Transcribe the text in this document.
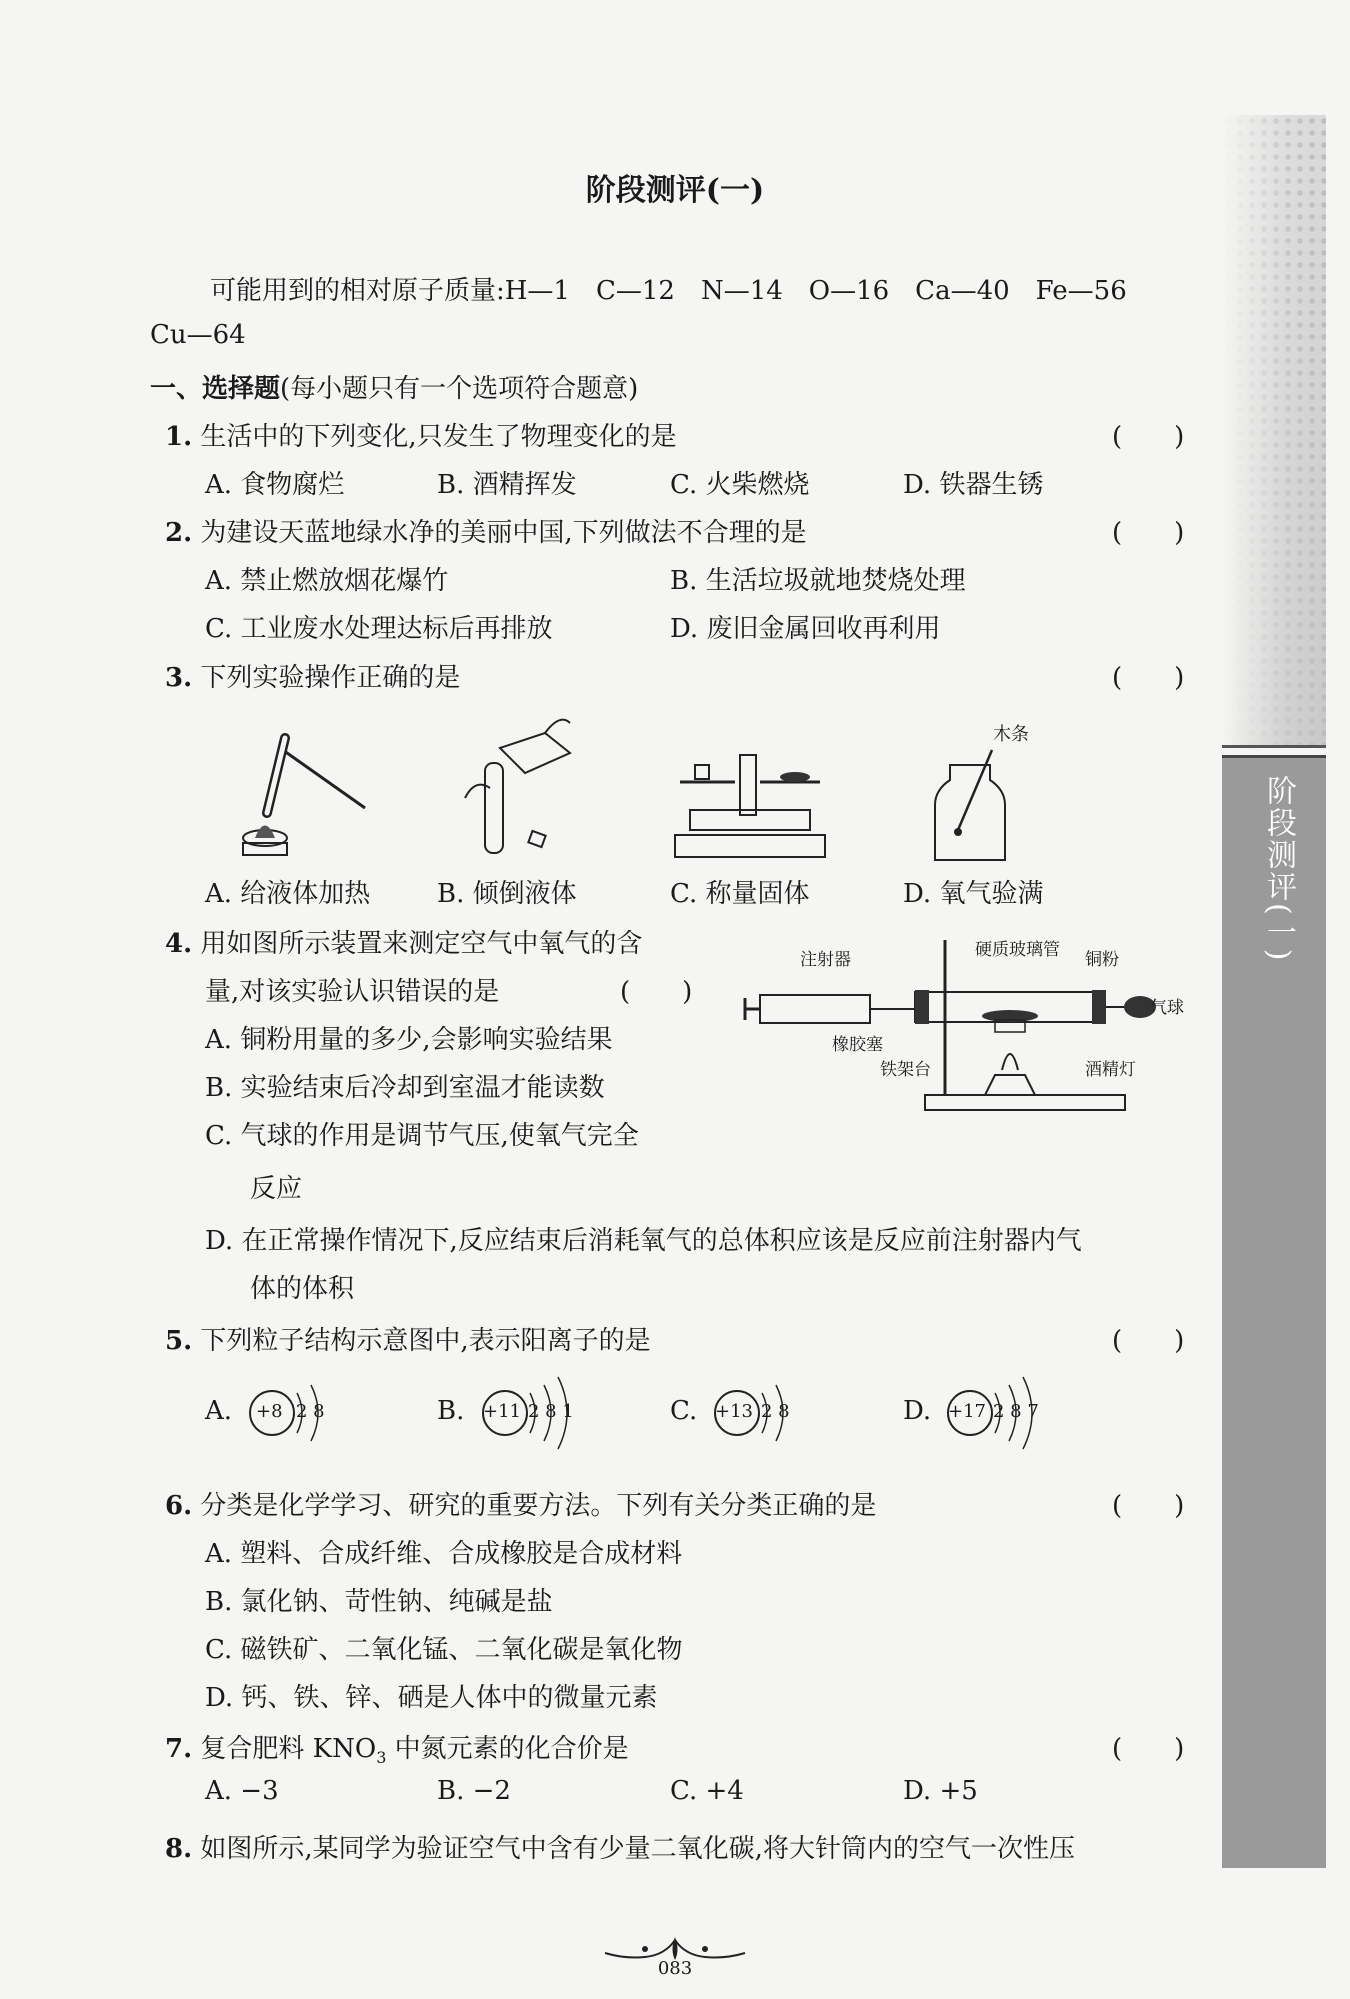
阶段测评(一)
阶段测评(一)
可能用到的相对原子质量:H—1　C—12　N—14　O—16　Ca—40　Fe—56
Cu—64
一、选择题(每小题只有一个选项符合题意)
1. 生活中的下列变化,只发生了物理变化的是	(　　)
A. 食物腐烂	B. 酒精挥发	C. 火柴燃烧	D. 铁器生锈
2. 为建设天蓝地绿水净的美丽中国,下列做法不合理的是	(　　)
A. 禁止燃放烟花爆竹	B. 生活垃圾就地焚烧处理
C. 工业废水处理达标后再排放	D. 废旧金属回收再利用
3. 下列实验操作正确的是	(　　)
木条
A. 给液体加热	B. 倾倒液体	C. 称量固体	D. 氧气验满
4. 用如图所示装置来测定空气中氧气的含
量,对该实验认识错误的是	(　　)
A. 铜粉用量的多少,会影响实验结果
B. 实验结束后冷却到室温才能读数
C. 气球的作用是调节气压,使氧气完全
反应
D. 在正常操作情况下,反应结束后消耗氧气的总体积应该是反应前注射器内气
体的体积
注射器	硬质玻璃管 铜粉
气球
橡胶塞
铁架台	酒精灯
5. 下列粒子结构示意图中,表示阳离子的是	(　　)
A.	B.	C.	D.
+8 2 8	+11 2 8 1	+13 2 8	+17 2 8 7
6. 分类是化学学习、研究的重要方法。下列有关分类正确的是	(　　)
A. 塑料、合成纤维、合成橡胶是合成材料
B. 氯化钠、苛性钠、纯碱是盐
C. 磁铁矿、二氧化锰、二氧化碳是氧化物
D. 钙、铁、锌、硒是人体中的微量元素
7. 复合肥料 $KNO_3$ 中氮元素的化合价是	(　　)
A. −3	B. −2	C. +4	D. +5
8. 如图所示,某同学为验证空气中含有少量二氧化碳,将大针筒内的空气一次性压
083
